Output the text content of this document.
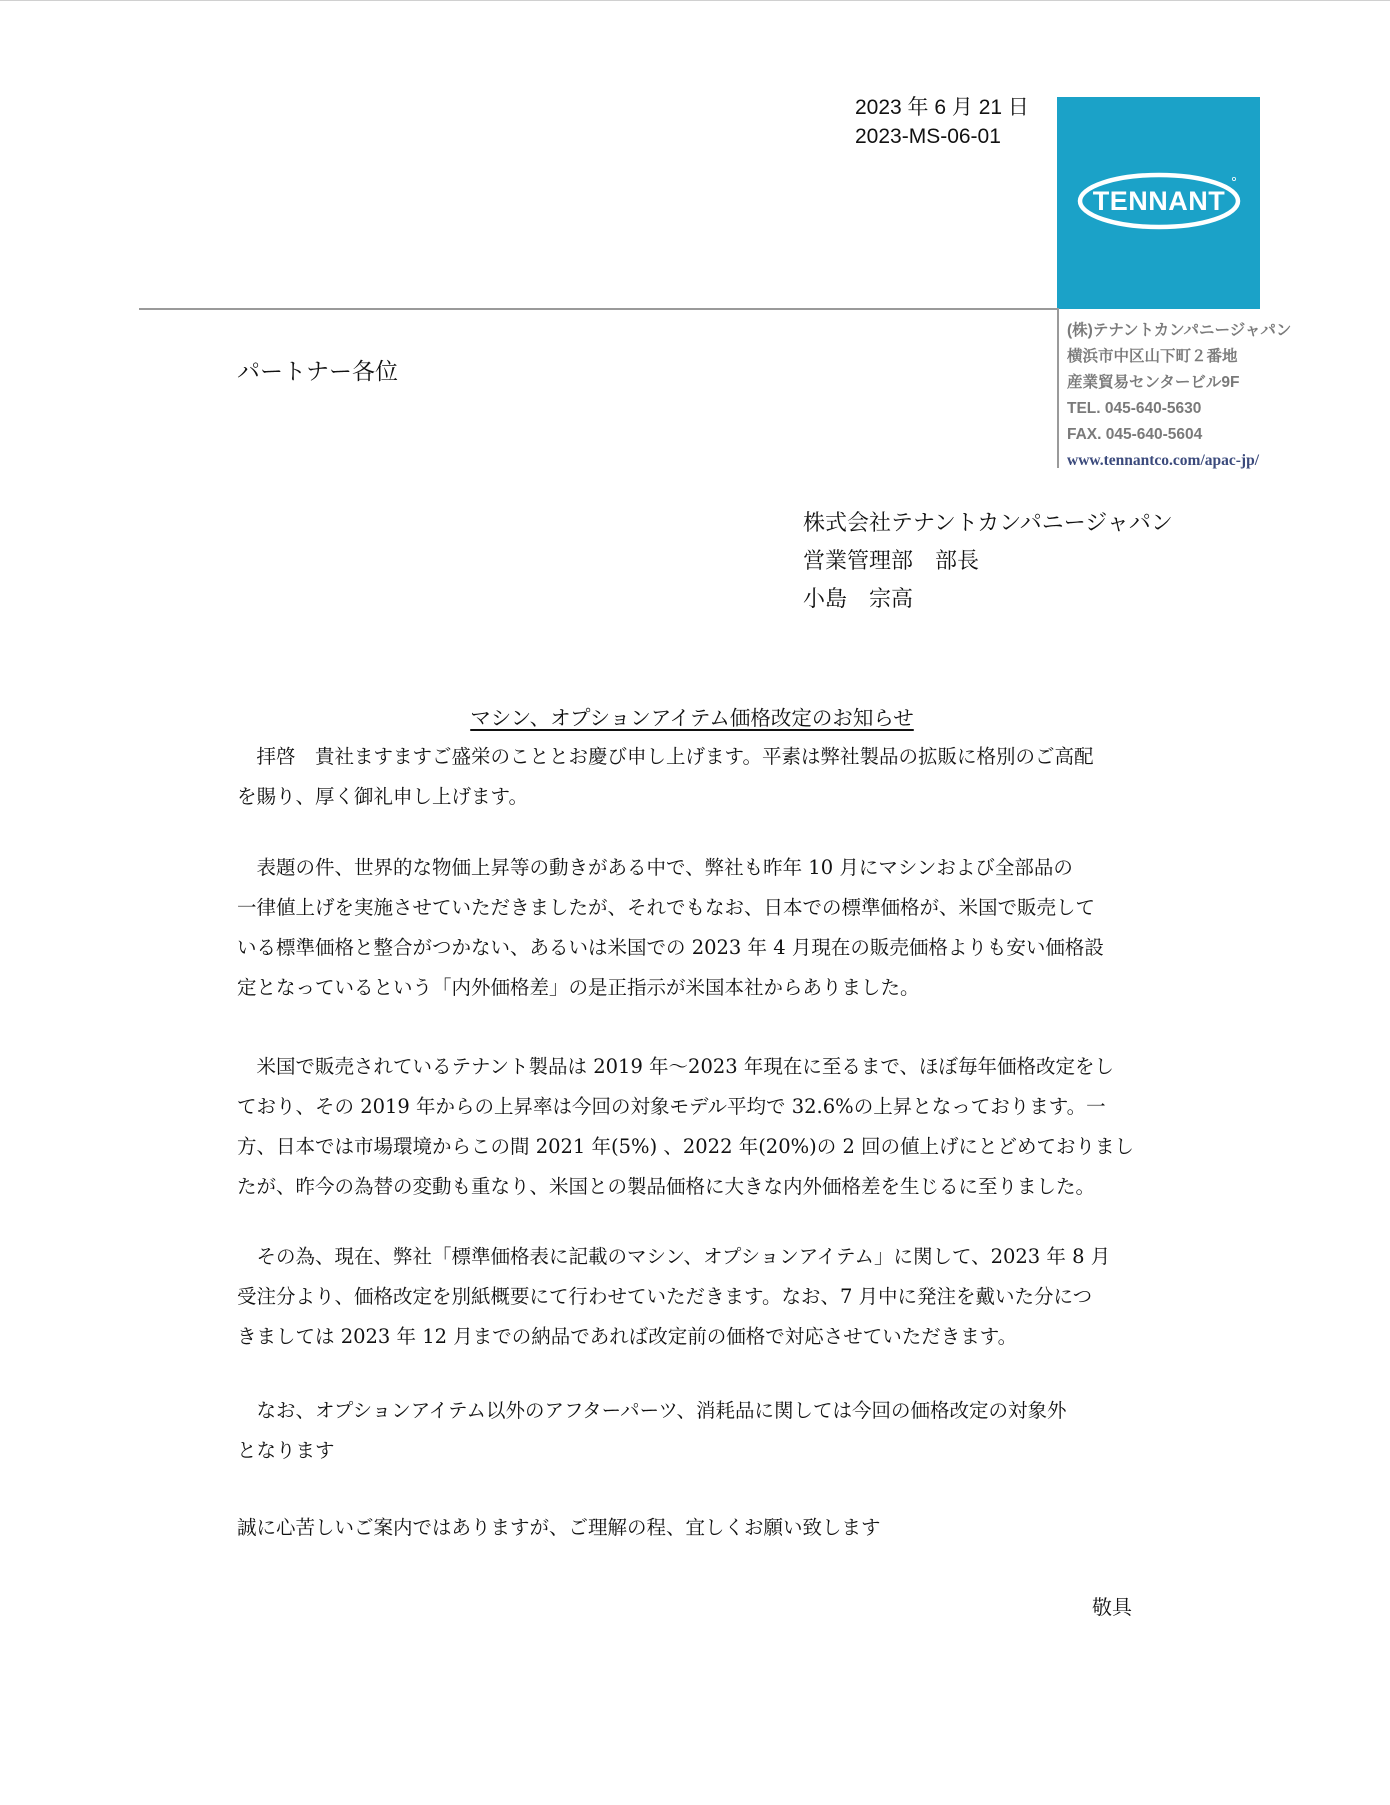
2023 年 6 月 21 日
2023-MS-06-01
TENNANT
(株)テナントカンパニージャパン
横浜市中区山下町２番地
産業貿易センタービル9F
TEL. 045-640-5630
FAX. 045-640-5604
www.tennantco.com/apac-jp/
パートナー各位
株式会社テナントカンパニージャパン
営業管理部　部長
小島　宗高
マシン、オプションアイテム価格改定のお知らせ
　拝啓　貴社ますますご盛栄のこととお慶び申し上げます。平素は弊社製品の拡販に格別のご高配
を賜り、厚く御礼申し上げます。
　表題の件、世界的な物価上昇等の動きがある中で、弊社も昨年 10 月にマシンおよび全部品の
一律値上げを実施させていただきましたが、それでもなお、日本での標準価格が、米国で販売して
いる標準価格と整合がつかない、あるいは米国での 2023 年 4 月現在の販売価格よりも安い価格設
定となっているという「内外価格差」の是正指示が米国本社からありました。
　米国で販売されているテナント製品は 2019 年～2023 年現在に至るまで、ほぼ毎年価格改定をし
ており、その 2019 年からの上昇率は今回の対象モデル平均で 32.6%の上昇となっております。一
方、日本では市場環境からこの間 2021 年(5%) 、2022 年(20%)の 2 回の値上げにとどめておりまし
たが、昨今の為替の変動も重なり、米国との製品価格に大きな内外価格差を生じるに至りました。
　その為、現在、弊社「標準価格表に記載のマシン、オプションアイテム」に関して、2023 年 8 月
受注分より、価格改定を別紙概要にて行わせていただきます。なお、7 月中に発注を戴いた分につ
きましては 2023 年 12 月までの納品であれば改定前の価格で対応させていただきます。
　なお、オプションアイテム以外のアフターパーツ、消耗品に関しては今回の価格改定の対象外
となります
誠に心苦しいご案内ではありますが、ご理解の程、宜しくお願い致します
敬具
